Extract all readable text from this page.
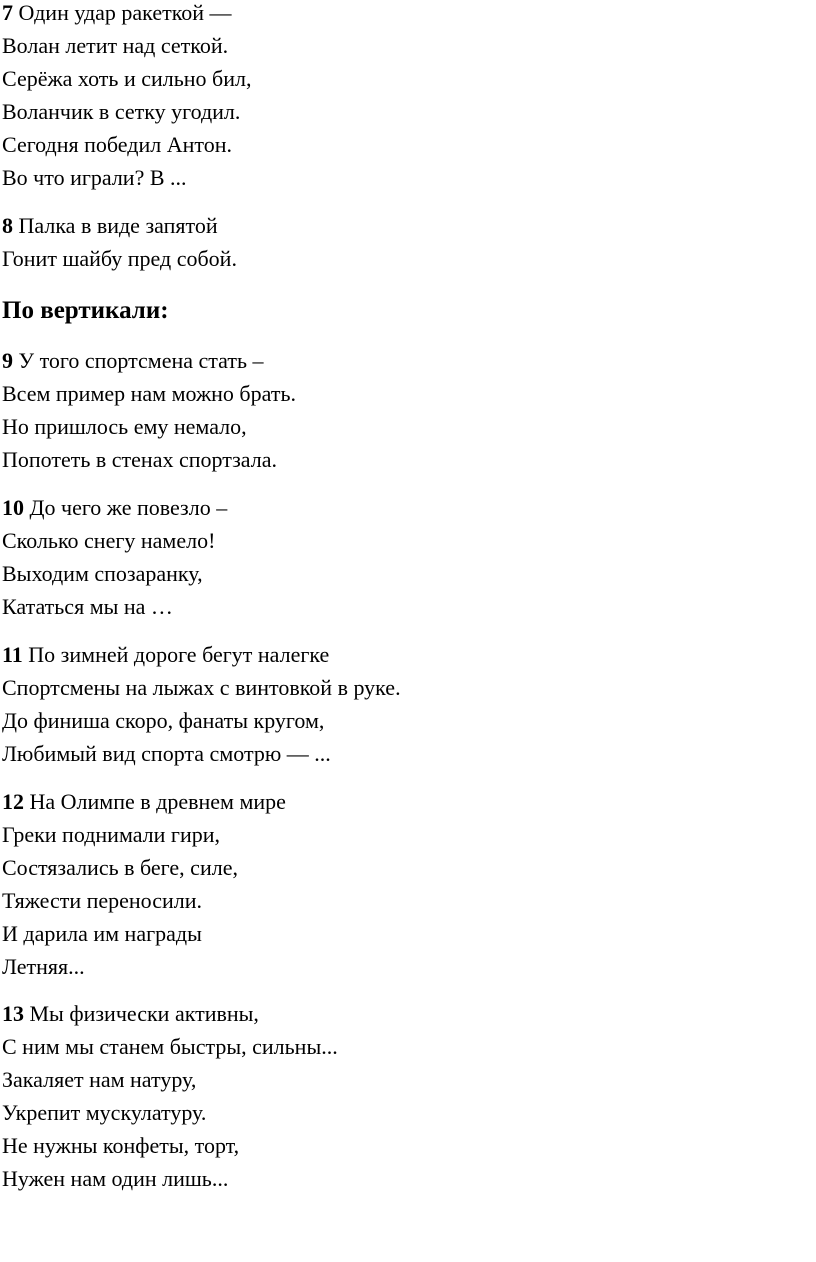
7 Один удар ракеткой —
Волан летит над сеткой.
Серёжа хоть и сильно бил,
Воланчик в сетку угодил.
Сегодня победил Антон.
Во что играли? В ...
8 Палка в виде запятой
Гонит шайбу пред собой.
По вертикали:
9 У того спортсмена стать –
Всем пример нам можно брать.
Но пришлось ему немало,
Попотеть в стенах спортзала.
10 До чего же повезло –
Сколько снегу намело!
Выходим спозаранку,
Кататься мы на …
11 По зимней дороге бегут налегке
Спортсмены на лыжах с винтовкой в руке.
До финиша скоро, фанаты кругом,
Любимый вид спорта смотрю — ...
12 На Олимпе в древнем мире
Греки поднимали гири,
Состязались в беге, силе,
Тяжести переносили.
И дарила им награды
Летняя...
13 Мы физически активны,
С ним мы станем быстры, сильны...
Закаляет нам натуру,
Укрепит мускулатуру.
Не нужны конфеты, торт,
Нужен нам один лишь...
